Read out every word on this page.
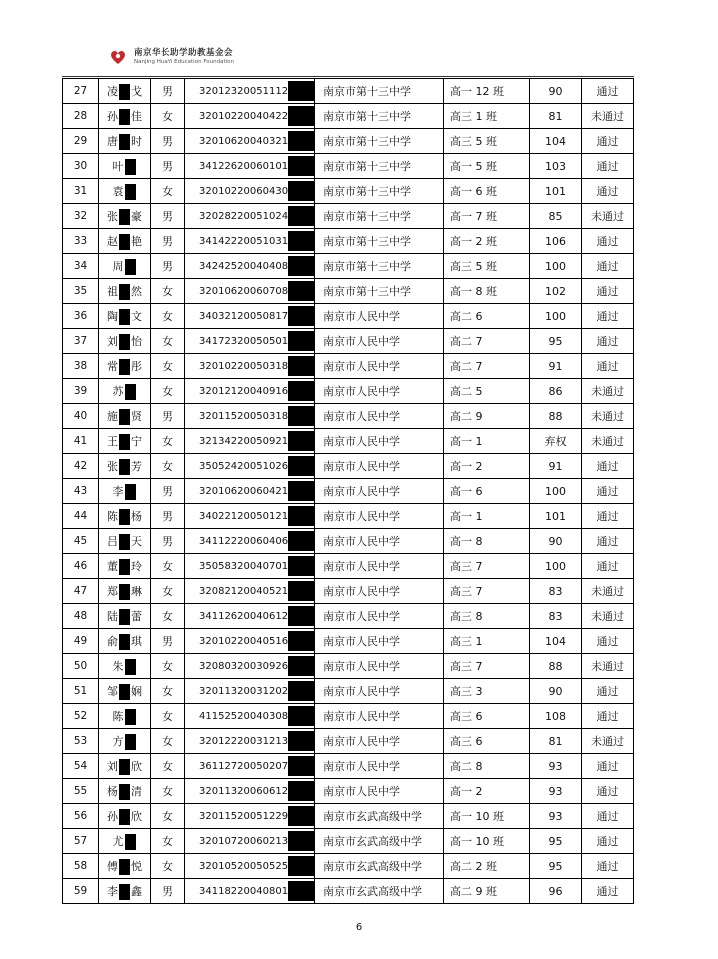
南京华长助学助教基金会
Nanjing HuaYi Education Foundation
27	凌 戈	男	32012320051112	南京市第十三中学	高一 12 班	90	通过
28	孙 佳	女	32010220040422	南京市第十三中学	高三 1 班	81	未通过
29	唐 时	男	32010620040321	南京市第十三中学	高三 5 班	104	通过
30	叶	男	34122620060101	南京市第十三中学	高一 5 班	103	通过
31	袁	女	32010220060430	南京市第十三中学	高一 6 班	101	通过
32	张 豪	男	32028220051024	南京市第十三中学	高一 7 班	85	未通过
33	赵 艳	男	34142220051031	南京市第十三中学	高一 2 班	106	通过
34	周	男	34242520040408	南京市第十三中学	高三 5 班	100	通过
35	祖 然	女	32010620060708	南京市第十三中学	高一 8 班	102	通过
36	陶 文	女	34032120050817	南京市人民中学	高二 6	100	通过
37	刘 怡	女	34172320050501	南京市人民中学	高二 7	95	通过
38	常 彤	女	32010220050318	南京市人民中学	高二 7	91	通过
39	苏	女	32012120040916	南京市人民中学	高二 5	86	未通过
40	施 贤	男	32011520050318	南京市人民中学	高二 9	88	未通过
41	王 宁	女	32134220050921	南京市人民中学	高一 1	弃权	未通过
42	张 芳	女	35052420051026	南京市人民中学	高一 2	91	通过
43	李	男	32010620060421	南京市人民中学	高一 6	100	通过
44	陈 杨	男	34022120050121	南京市人民中学	高一 1	101	通过
45	吕 天	男	34112220060406	南京市人民中学	高一 8	90	通过
46	董 玲	女	35058320040701	南京市人民中学	高三 7	100	通过
47	郑 琳	女	32082120040521	南京市人民中学	高三 7	83	未通过
48	陆 蕾	女	34112620040612	南京市人民中学	高三 8	83	未通过
49	俞 琪	男	32010220040516	南京市人民中学	高三 1	104	通过
50	朱	女	32080320030926	南京市人民中学	高三 7	88	未通过
51	邹 娴	女	32011320031202	南京市人民中学	高三 3	90	通过
52	陈	女	41152520040308	南京市人民中学	高三 6	108	通过
53	方	女	32012220031213	南京市人民中学	高三 6	81	未通过
54	刘 欣	女	36112720050207	南京市人民中学	高二 8	93	通过
55	杨 清	女	32011320060612	南京市人民中学	高一 2	93	通过
56	孙 欣	女	32011520051229	南京市玄武高级中学	高一 10 班	93	通过
57	尤	女	32010720060213	南京市玄武高级中学	高一 10 班	95	通过
58	傅 悦	女	32010520050525	南京市玄武高级中学	高二 2 班	95	通过
59	李 鑫	男	34118220040801	南京市玄武高级中学	高二 9 班	96	通过
6
